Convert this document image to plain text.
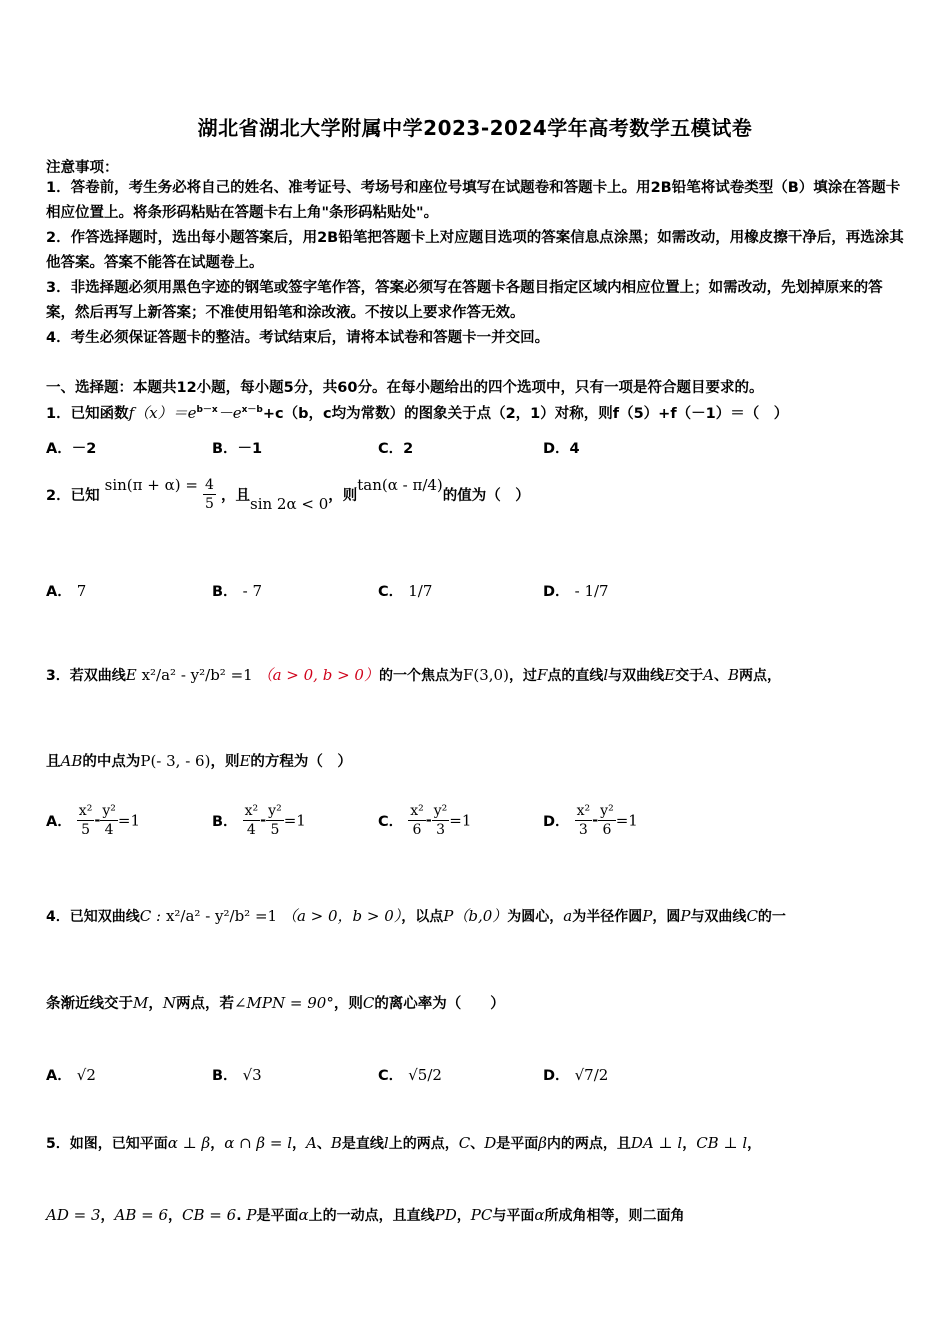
湖北省湖北大学附属中学2023-2024学年高考数学五模试卷
注意事项：
1．答卷前，考生务必将自己的姓名、准考证号、考场号和座位号填写在试题卷和答题卡上。用2B铅笔将试卷类型（B）填涂在答题卡相应位置上。将条形码粘贴在答题卡右上角"条形码粘贴处"。
2．作答选择题时，选出每小题答案后，用2B铅笔把答题卡上对应题目选项的答案信息点涂黑；如需改动，用橡皮擦干净后，再选涂其他答案。答案不能答在试题卷上。
3．非选择题必须用黑色字迹的钢笔或签字笔作答，答案必须写在答题卡各题目指定区域内相应位置上；如需改动，先划掉原来的答案，然后再写上新答案；不准使用铅笔和涂改液。不按以上要求作答无效。
4．考生必须保证答题卡的整洁。考试结束后，请将本试卷和答题卡一并交回。
一、选择题：本题共12小题，每小题5分，共60分。在每小题给出的四个选项中，只有一项是符合题目要求的。
1．已知函数$f(x)=e^{b-x}-e^{x-b}+c(b$，c均为常数）的图象关于点（2，1）对称，则f（5）+f（－1）＝（　）
A．－2	B．－1	C．2	D．4
2．已知 $\sin(\pi + \alpha) = \frac{4}{5}$ ，且sin 2α < 0，则tan(α - π/4)的值为（　）
A． 7	B． - 7	C． 1/7	D． - 1/7
3．若双曲线E x²/a² - y²/b² =1 （a > 0, b > 0）的一个焦点为F(3,0)，过F点的直线l与双曲线E交于A、B两点，
且AB的中点为P(- 3, - 6)，则E的方程为（　）
A． $\frac{\text{x²}}{5} - \frac{\text{y²}}{4} =1$	B． $\frac{\text{x²}}{4} - \frac{\text{y²}}{5} =1$	C． $\frac{\text{x²}}{6} - \frac{\text{y²}}{3} =1$	D． $\frac{\text{x²}}{3} - \frac{\text{y²}}{6} =1$
4．已知双曲线C : x²/a² - y²/b² =1 （a > 0，b > 0），以点P（b,0）为圆心，a为半径作圆P，圆P与双曲线C的一
条渐近线交于M，N两点，若∠MPN = 90°，则C的离心率为（　　）
A． √2	B． √3	C． √5/2	D． √7/2
5．如图，已知平面α ⊥ β，α ∩ β = l，A、B是直线l上的两点，C、D是平面β内的两点，且DA ⊥ l，CB ⊥ l，
AD = 3，AB = 6，CB = 6. P是平面α上的一动点，且直线PD，PC与平面α所成角相等，则二面角
